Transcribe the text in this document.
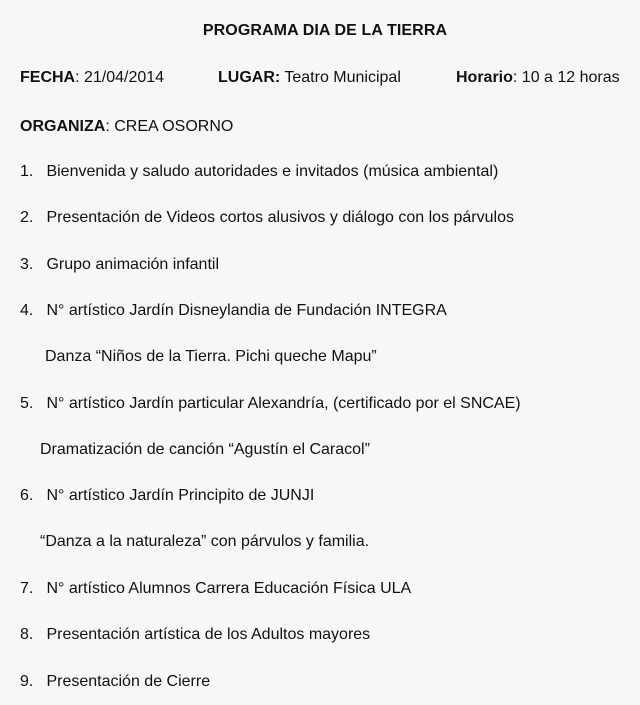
PROGRAMA DIA DE LA TIERRA
FECHA: 21/04/2014	LUGAR: Teatro Municipal	Horario: 10 a 12 horas
ORGANIZA: CREA OSORNO
1. Bienvenida y saludo autoridades e invitados (música ambiental)
2. Presentación de Videos cortos alusivos y diálogo con los párvulos
3. Grupo animación infantil
4. N° artístico Jardín Disneylandia de Fundación INTEGRA
Danza “Niños de la Tierra. Pichi queche Mapu”
5. N° artístico Jardín particular Alexandría, (certificado por el SNCAE)
Dramatización de canción “Agustín el Caracol”
6. N° artístico Jardín Principito de JUNJI
“Danza a la naturaleza” con párvulos y familia.
7. N° artístico Alumnos Carrera Educación Física ULA
8. Presentación artística de los Adultos mayores
9. Presentación de Cierre
